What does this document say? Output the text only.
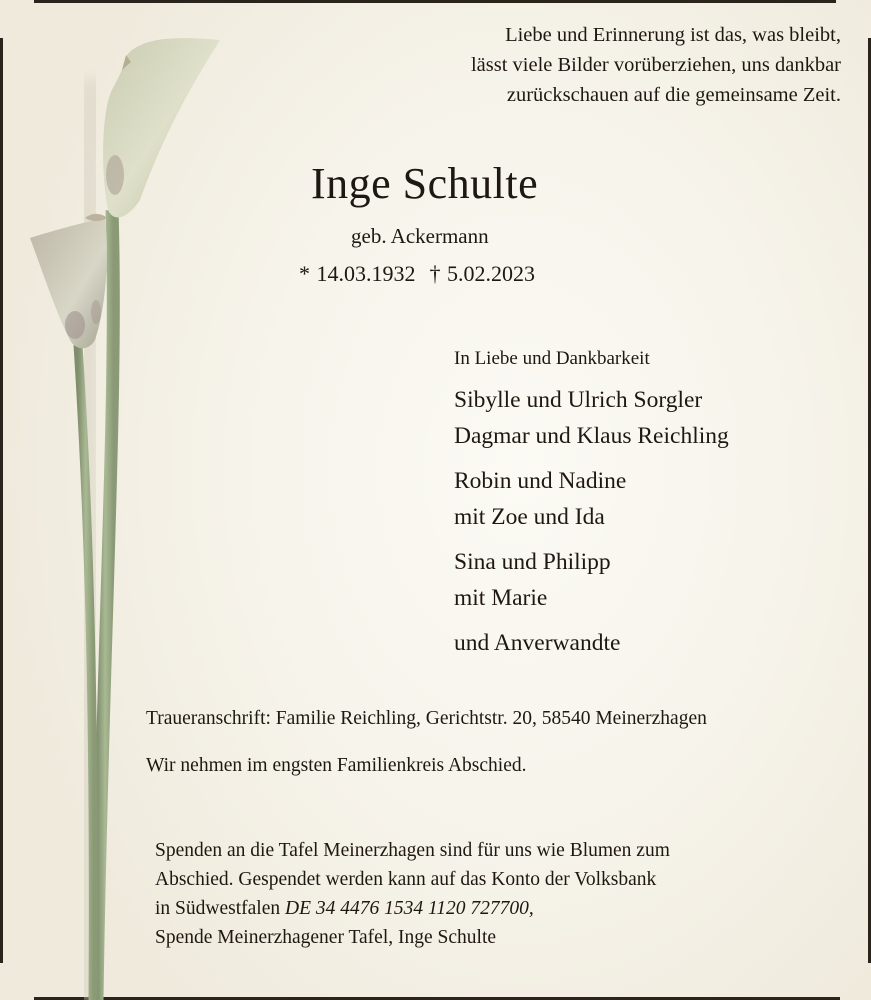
Liebe und Erinnerung ist das, was bleibt,
lässt viele Bilder vorüberziehen, uns dankbar
zurückschauen auf die gemeinsame Zeit.
Inge Schulte
geb. Ackermann
* 14.03.1932 † 5.02.2023
In Liebe und Dankbarkeit
Sibylle und Ulrich Sorgler
Dagmar und Klaus Reichling
Robin und Nadine
mit Zoe und Ida
Sina und Philipp
mit Marie
und Anverwandte
Traueranschrift: Familie Reichling, Gerichtstr. 20, 58540 Meinerzhagen
Wir nehmen im engsten Familienkreis Abschied.
Spenden an die Tafel Meinerzhagen sind für uns wie Blumen zum
Abschied. Gespendet werden kann auf das Konto der Volksbank
in Südwestfalen DE 34 4476 1534 1120 727700,
Spende Meinerzhagener Tafel, Inge Schulte
